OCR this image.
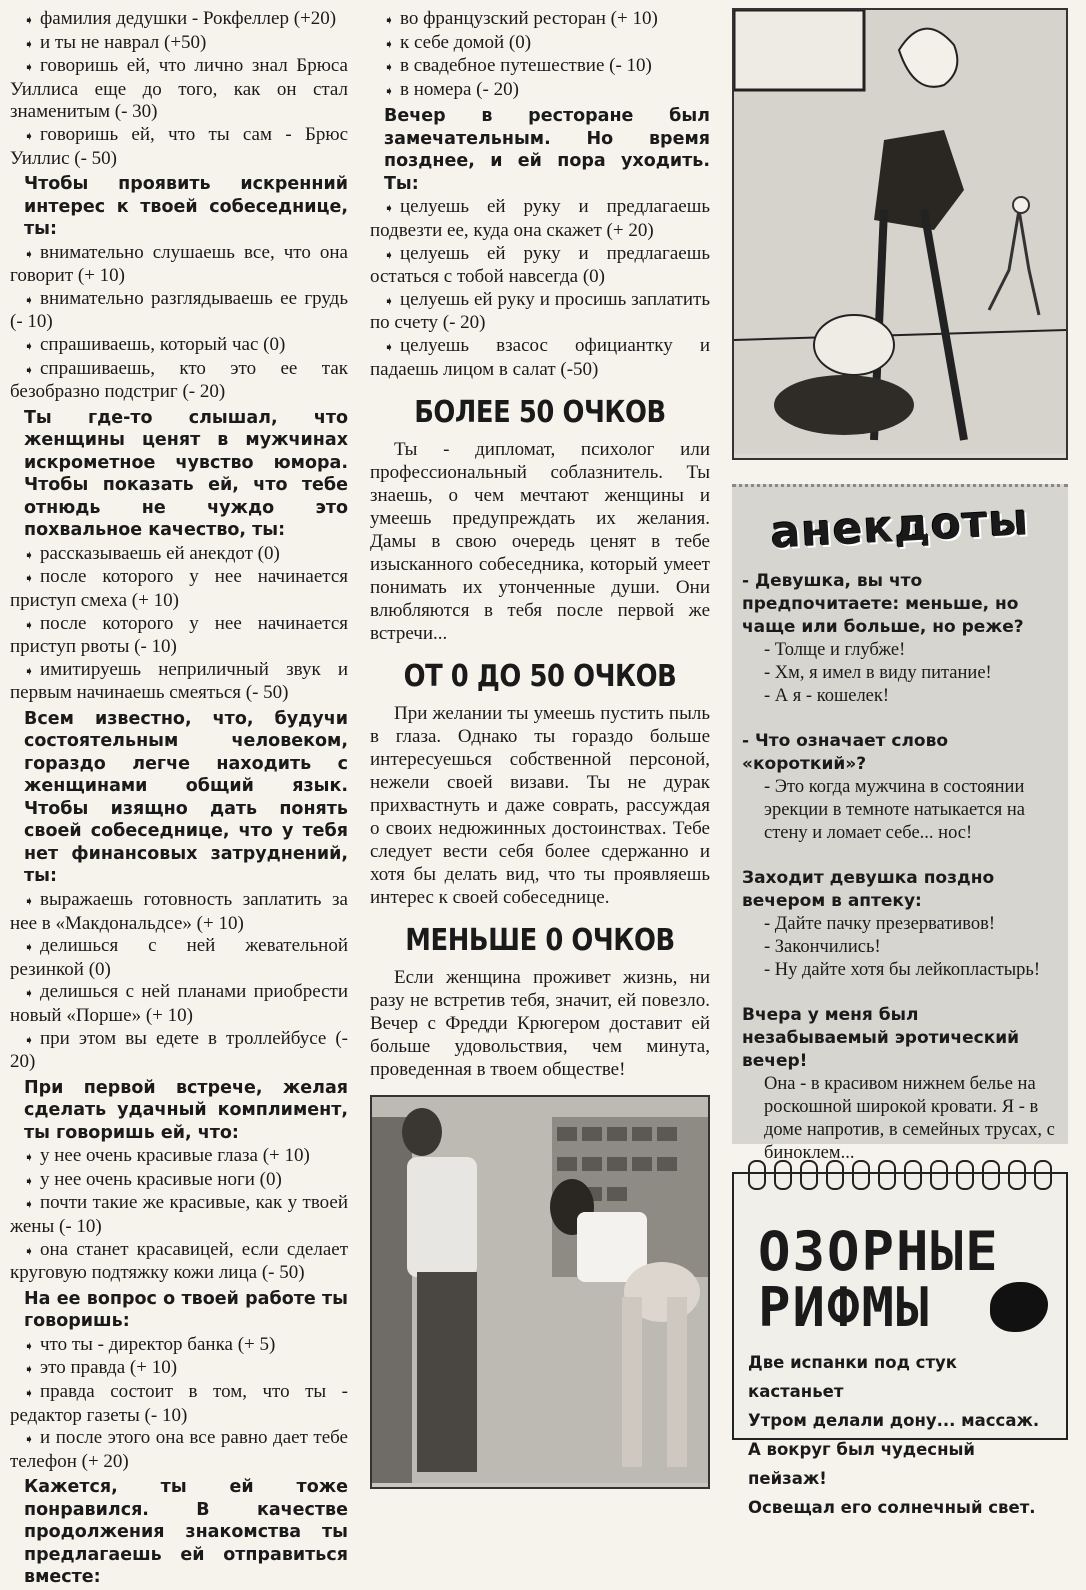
➧ фамилия дедушки - Рокфеллер (+20)

➧ и ты не наврал (+50)

➧ говоришь ей, что лично знал Брюса Уиллиса еще до того, как он стал знаменитым (- 30)

➧ говоришь ей, что ты сам - Брюс Уиллис (- 50)

Чтобы проявить искренний интерес к твоей собеседнице, ты:

➧ внимательно слушаешь все, что она говорит (+ 10)

➧ внимательно разглядываешь ее грудь (- 10)

➧ спрашиваешь, который час (0)

➧ спрашиваешь, кто это ее так безобразно подстриг (- 20)

Ты где-то слышал, что женщины ценят в мужчинах искрометное чувство юмора. Чтобы показать ей, что тебе отнюдь не чуждо это похвальное качество, ты:

➧ рассказываешь ей анекдот (0)

➧ после которого у нее начинается приступ смеха (+ 10)

➧ после которого у нее начинается приступ рвоты (- 10)

➧ имитируешь неприличный звук и первым начинаешь смеяться (- 50)

Всем известно, что, будучи состоятельным человеком, гораздо легче находить с женщинами общий язык. Чтобы изящно дать понять своей собеседнице, что у тебя нет финансовых затруднений, ты:

➧ выражаешь готовность заплатить за нее в «Макдональдсе» (+ 10)

➧ делишься с ней жевательной резинкой (0)

➧ делишься с ней планами приобрести новый «Порше» (+ 10)

➧ при этом вы едете в троллейбусе (- 20)

При первой встрече, желая сделать удачный комплимент, ты говоришь ей, что:

➧ у нее очень красивые глаза (+ 10)

➧ у нее очень красивые ноги (0)

➧ почти такие же красивые, как у твоей жены (- 10)

➧ она станет красавицей, если сделает круговую подтяжку кожи лица (- 50)

На ее вопрос о твоей работе ты говоришь:

➧ что ты - директор банка (+ 5)

➧ это правда (+ 10)

➧ правда состоит в том, что ты - редактор газеты (- 10)

➧ и после этого она все равно дает тебе телефон (+ 20)

Кажется, ты ей тоже понравился. В качестве продолжения знакомства ты предлагаешь ей отправиться вместе:

➧ во французский ресторан (+ 10)

➧ к себе домой (0)

➧ в свадебное путешествие (- 10)

➧ в номера (- 20)

Вечер в ресторане был замечательным. Но время позднее, и ей пора уходить. Ты:

➧ целуешь ей руку и предлагаешь подвезти ее, куда она скажет (+ 20)

➧ целуешь ей руку и предлагаешь остаться с тобой навсегда (0)

➧ целуешь ей руку и просишь заплатить по счету (- 20)

➧ целуешь взасос официантку и падаешь лицом в салат (-50)

БОЛЕЕ 50 ОЧКОВ

Ты - дипломат, психолог или профессиональный соблазнитель. Ты знаешь, о чем мечтают женщины и умеешь предупреждать их желания. Дамы в свою очередь ценят в тебе изысканного собеседника, который умеет понимать их утонченные души. Они влюбляются в тебя после первой же встречи...

ОТ 0 ДО 50 ОЧКОВ

При желании ты умеешь пустить пыль в глаза. Однако ты гораздо больше интересуешься собственной персоной, нежели своей визави. Ты не дурак прихвастнуть и даже соврать, рассуждая о своих недюжинных достоинствах. Тебе следует вести себя более сдержанно и хотя бы делать вид, что ты проявляешь интерес к своей собеседнице.

МЕНЬШЕ 0 ОЧКОВ

Если женщина проживет жизнь, ни разу не встретив тебя, значит, ей повезло. Вечер с Фредди Крюгером доставит ей больше удовольствия, чем минута, проведенная в твоем обществе!

анекдоты

- Девушка, вы что предпочитаете: меньше, но чаще или больше, но реже?

- Толще и глубже!

- Хм, я имел в виду питание!

- А я - кошелек!

- Что означает слово «короткий»?

- Это когда мужчина в состоянии эрекции в темноте натыкается на стену и ломает себе... нос!

Заходит девушка поздно вечером в аптеку:

- Дайте пачку презервативов!

- Закончились!

- Ну дайте хотя бы лейкопластырь!

Вчера у меня был незабываемый эротический вечер!

Она - в красивом нижнем белье на роскошной широкой кровати. Я - в доме напротив, в семейных трусах, с биноклем...

ОЗОРНЫЕ
РИФМЫ

Две испанки под стук кастаньет

Утром делали дону... массаж.

А вокруг был чудесный пейзаж!

Освещал его солнечный свет.
